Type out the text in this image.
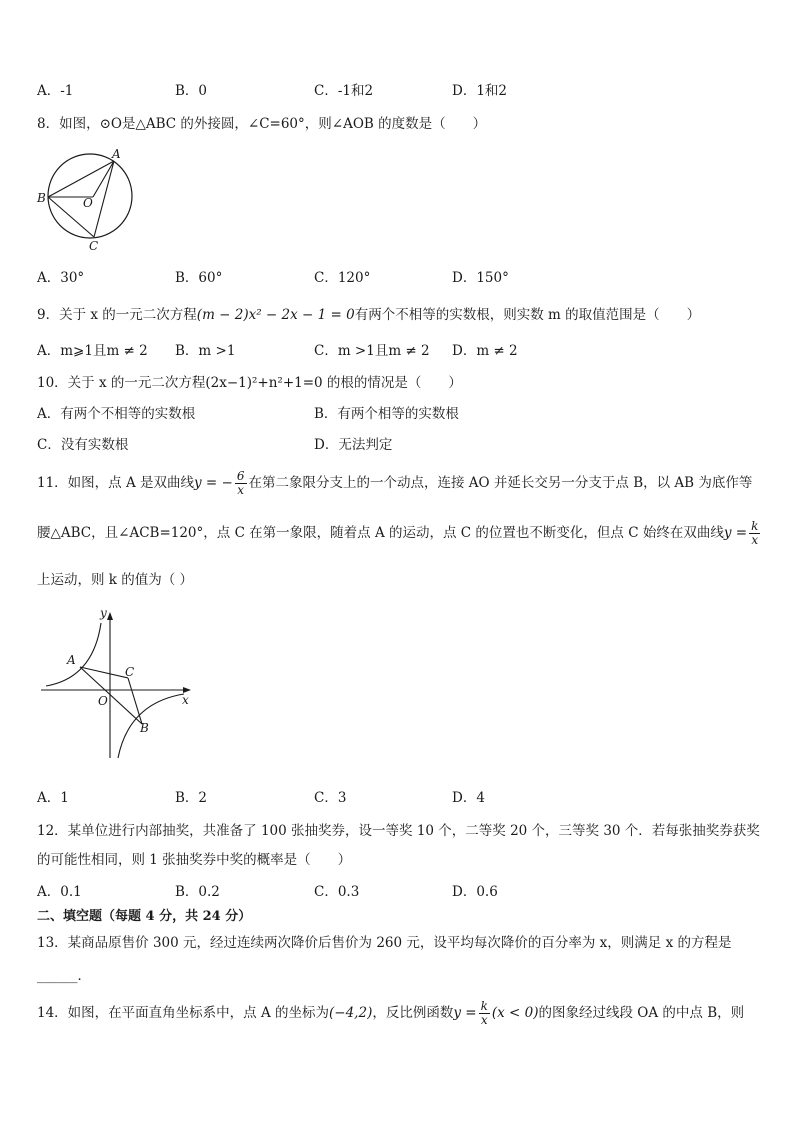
A．-1	B．0	C．-1和2	D．1和2
8．如图，⊙O是△ABC 的外接圆，∠C=60°，则∠AOB 的度数是（　　）
A
B	O
C
A．30°	B．60°	C．120°	D．150°
9．关于 x 的一元二次方程(m − 2)x² − 2x − 1 = 0有两个不相等的实数根，则实数 m 的取值范围是（　　）
A．m⩾1且m ≠ 2 B．m >1	C．m >1且m ≠ 2 D．m ≠ 2
10．关于 x 的一元二次方程(2x−1)²+n²+1=0 的根的情况是（　　）
A．有两个不相等的实数根	B．有两个相等的实数根
C．没有实数根	D．无法判定
11．如图，点 A 是双曲线y = − $\frac{6}{x}$ 在第二象限分支上的一个动点，连接 AO 并延长交另一分支于点 B，以 AB 为底作等
腰△ABC，且∠ACB=120°，点 C 在第一象限，随着点 A 的运动，点 C 的位置也不断变化，但点 C 始终在双曲线$y = \frac{k}{x}$
上运动，则 k 的值为（ ）
y
A
C
O	x
B
A．1	B．2	C．3	D．4
12．某单位进行内部抽奖，共准备了 100 张抽奖券，设一等奖 10 个，二等奖 20 个，三等奖 30 个．若每张抽奖券获奖
的可能性相同，则 1 张抽奖券中奖的概率是（　　）
A．0.1	B．0.2	C．0.3	D．0.6
二、填空题（每题 4 分，共 24 分）
13．某商品原售价 300 元，经过连续两次降价后售价为 260 元，设平均每次降价的百分率为 x，则满足 x 的方程是
______．
14．如图，在平面直角坐标系中，点 A 的坐标为(−4,2)，反比例函数$y = \frac{k}{x} (x < 0)$的图象经过线段 OA 的中点 B，则
